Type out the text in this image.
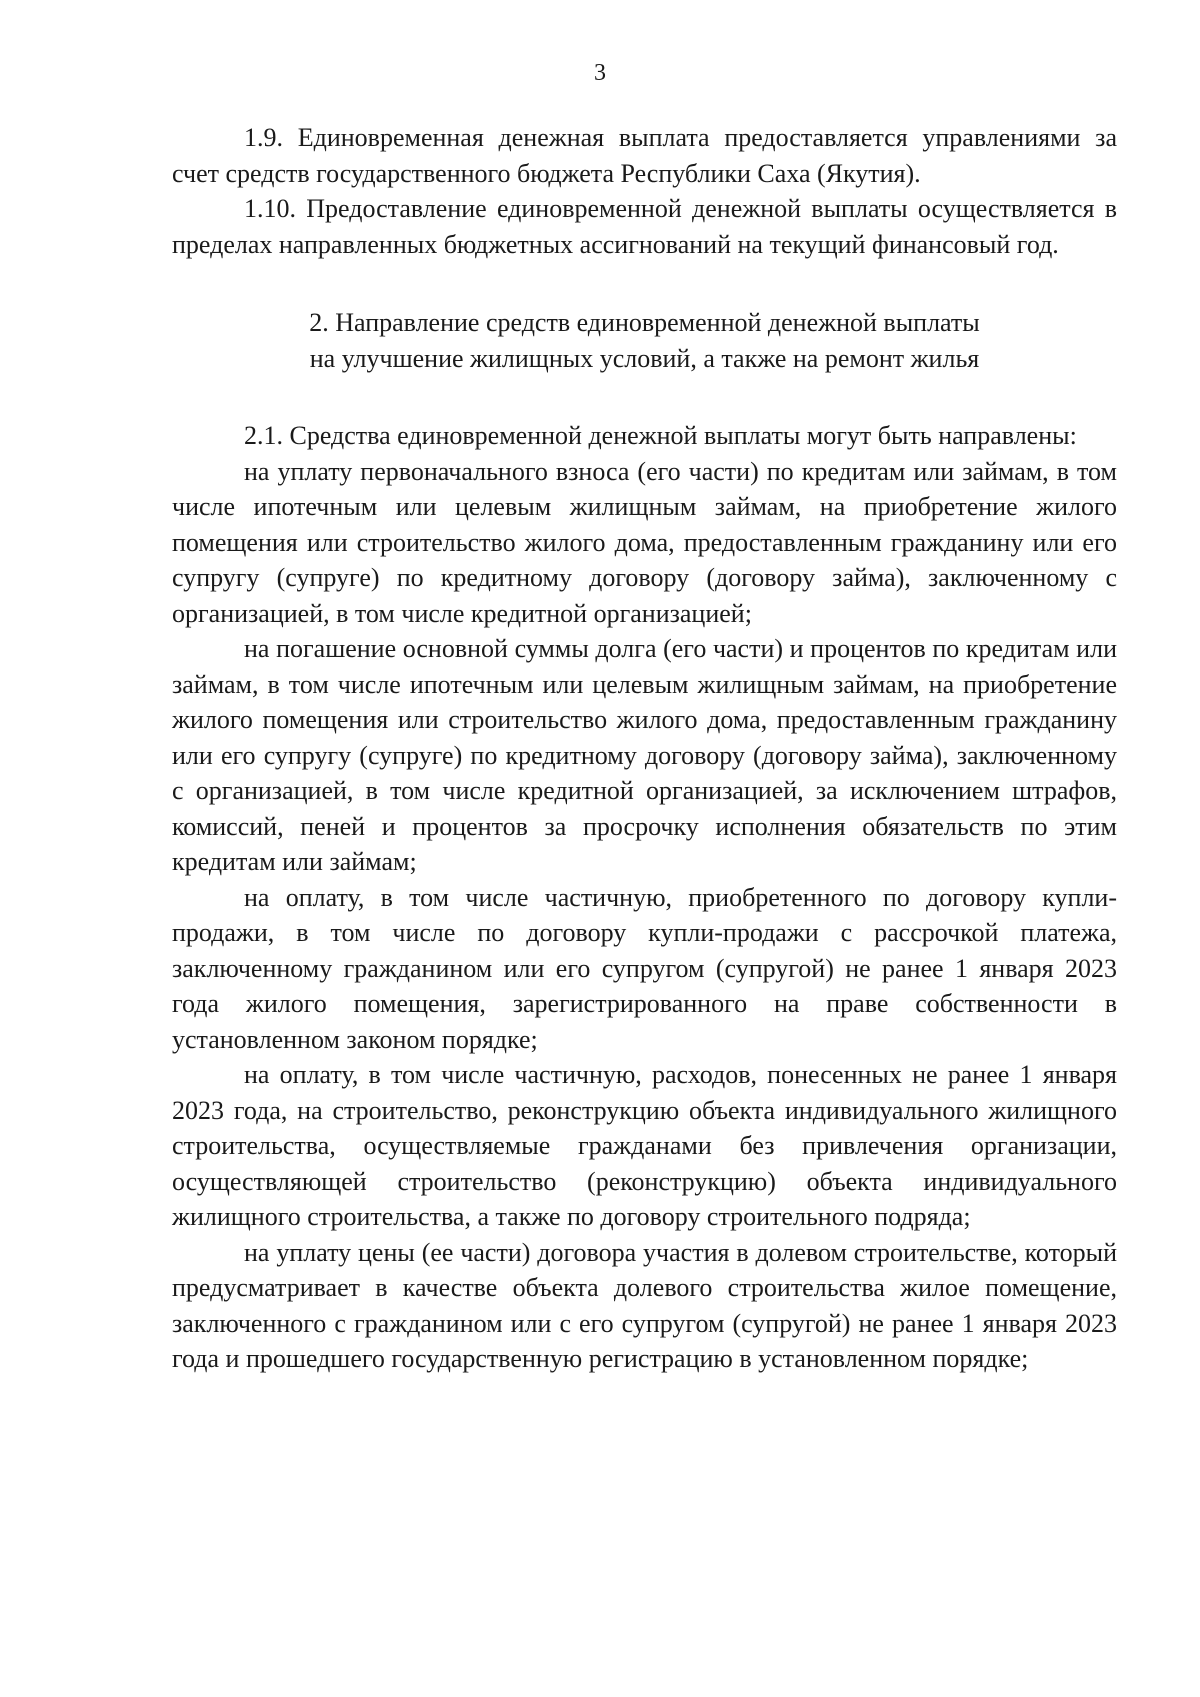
3

1.9. Единовременная денежная выплата предоставляется управлениями за счет средств государственного бюджета Республики Саха (Якутия).

1.10. Предоставление единовременной денежной выплаты осуществляется в пределах направленных бюджетных ассигнований на текущий финансовый год.

2. Направление средств единовременной денежной выплаты
на улучшение жилищных условий, а также на ремонт жилья

2.1. Средства единовременной денежной выплаты могут быть направлены:

на уплату первоначального взноса (его части) по кредитам или займам, в том числе ипотечным или целевым жилищным займам, на приобретение жилого помещения или строительство жилого дома, предоставленным гражданину или его супругу (супруге) по кредитному договору (договору займа), заключенному с организацией, в том числе кредитной организацией;

на погашение основной суммы долга (его части) и процентов по кредитам или займам, в том числе ипотечным или целевым жилищным займам, на приобретение жилого помещения или строительство жилого дома, предоставленным гражданину или его супругу (супруге) по кредитному договору (договору займа), заключенному с организацией, в том числе кредитной организацией, за исключением штрафов, комиссий, пеней и процентов за просрочку исполнения обязательств по этим кредитам или займам;

на оплату, в том числе частичную, приобретенного по договору купли-продажи, в том числе по договору купли-продажи с рассрочкой платежа, заключенному гражданином или его супругом (супругой) не ранее 1 января 2023 года жилого помещения, зарегистрированного на праве собственности в установленном законом порядке;

на оплату, в том числе частичную, расходов, понесенных не ранее 1 января 2023 года, на строительство, реконструкцию объекта индивидуального жилищного строительства, осуществляемые гражданами без привлечения организации, осуществляющей строительство (реконструкцию) объекта индивидуального жилищного строительства, а также по договору строительного подряда;

на уплату цены (ее части) договора участия в долевом строительстве, который предусматривает в качестве объекта долевого строительства жилое помещение, заключенного с гражданином или с его супругом (супругой) не ранее 1 января 2023 года и прошедшего государственную регистрацию в установленном порядке;
